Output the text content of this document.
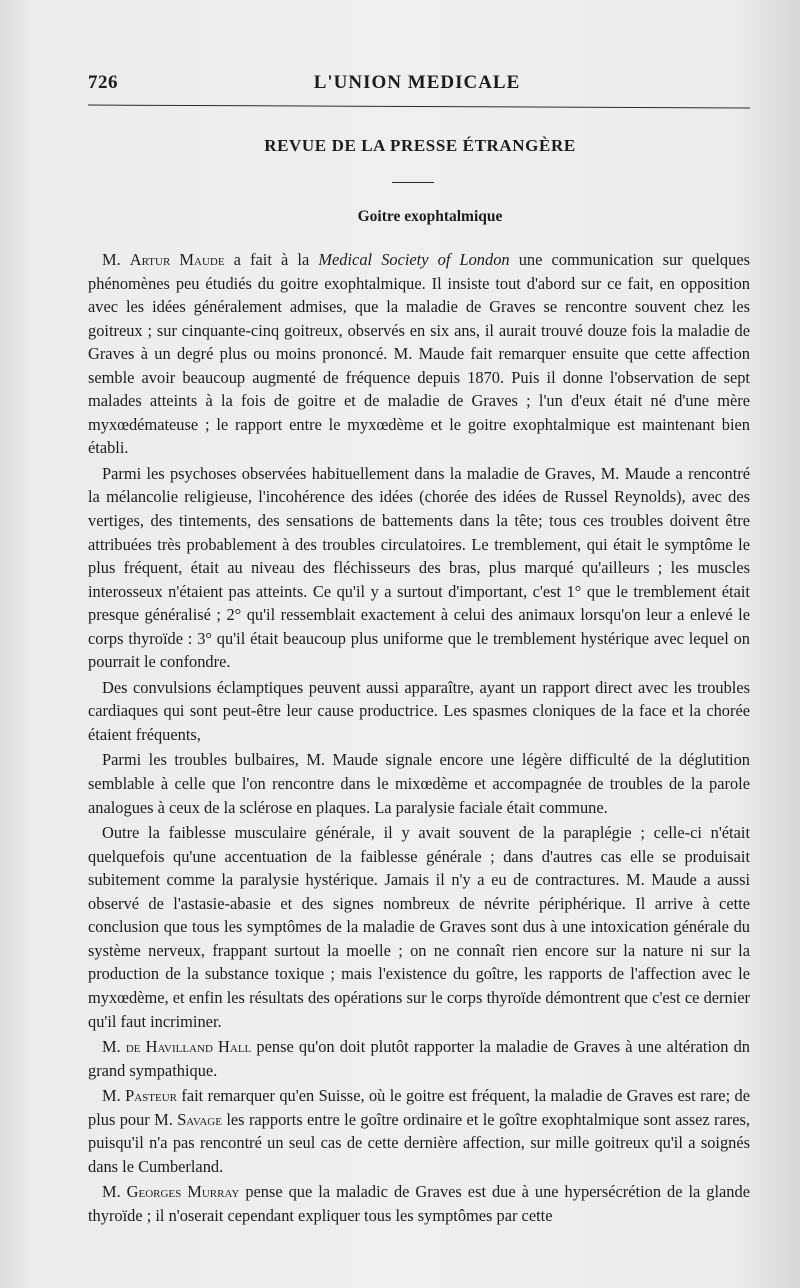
726	L'UNION MEDICALE
REVUE DE LA PRESSE ÉTRANGÈRE
Goitre exophtalmique

M. Artur Maude a fait à la Medical Society of London une communication sur quelques phénomènes peu étudiés du goitre exophtalmique. Il insiste tout d'abord sur ce fait, en opposition avec les idées généralement admises, que la maladie de Graves se rencontre souvent chez les goitreux ; sur cinquante-cinq goitreux, observés en six ans, il aurait trouvé douze fois la maladie de Graves à un degré plus ou moins prononcé. M. Maude fait remarquer ensuite que cette affection semble avoir beaucoup augmenté de fréquence depuis 1870. Puis il donne l'observation de sept malades atteints à la fois de goitre et de maladie de Graves ; l'un d'eux était né d'une mère myxœdémateuse ; le rapport entre le myxœdème et le goitre exophtalmique est maintenant bien établi.

Parmi les psychoses observées habituellement dans la maladie de Graves, M. Maude a rencontré la mélancolie religieuse, l'incohérence des idées (chorée des idées de Russel Reynolds), avec des vertiges, des tintements, des sensations de battements dans la tête; tous ces troubles doivent être attribuées très probablement à des troubles circulatoires. Le tremblement, qui était le symptôme le plus fréquent, était au niveau des fléchisseurs des bras, plus marqué qu'ailleurs ; les muscles interosseux n'étaient pas atteints. Ce qu'il y a surtout d'important, c'est 1° que le tremblement était presque généralisé ; 2° qu'il ressemblait exactement à celui des animaux lorsqu'on leur a enlevé le corps thyroïde : 3° qu'il était beaucoup plus uniforme que le tremblement hystérique avec lequel on pourrait le confondre.

Des convulsions éclamptiques peuvent aussi apparaître, ayant un rapport direct avec les troubles cardiaques qui sont peut-être leur cause productrice. Les spasmes cloniques de la face et la chorée étaient fréquents,

Parmi les troubles bulbaires, M. Maude signale encore une légère difficulté de la déglutition semblable à celle que l'on rencontre dans le mixœdème et accompagnée de troubles de la parole analogues à ceux de la sclérose en plaques. La paralysie faciale était commune.

Outre la faiblesse musculaire générale, il y avait souvent de la paraplégie ; celle-ci n'était quelquefois qu'une accentuation de la faiblesse générale ; dans d'autres cas elle se produisait subitement comme la paralysie hystérique. Jamais il n'y a eu de contractures. M. Maude a aussi observé de l'astasie-abasie et des signes nombreux de névrite périphérique. Il arrive à cette conclusion que tous les symptômes de la maladie de Graves sont dus à une intoxication générale du système nerveux, frappant surtout la moelle ; on ne connaît rien encore sur la nature ni sur la production de la substance toxique ; mais l'existence du goître, les rapports de l'affection avec le myxœdème, et enfin les résultats des opérations sur le corps thyroïde démontrent que c'est ce dernier qu'il faut incriminer.

M. de Havilland Hall pense qu'on doit plutôt rapporter la maladie de Graves à une altération dn grand sympathique.

M. Pasteur fait remarquer qu'en Suisse, où le goitre est fréquent, la maladie de Graves est rare; de plus pour M. Savage les rapports entre le goître ordinaire et le goître exophtalmique sont assez rares, puisqu'il n'a pas rencontré un seul cas de cette dernière affection, sur mille goitreux qu'il a soignés dans le Cumberland.

M. Georges Murray pense que la maladic de Graves est due à une hypersécrétion de la glande thyroïde ; il n'oserait cependant expliquer tous les symptômes par cette
